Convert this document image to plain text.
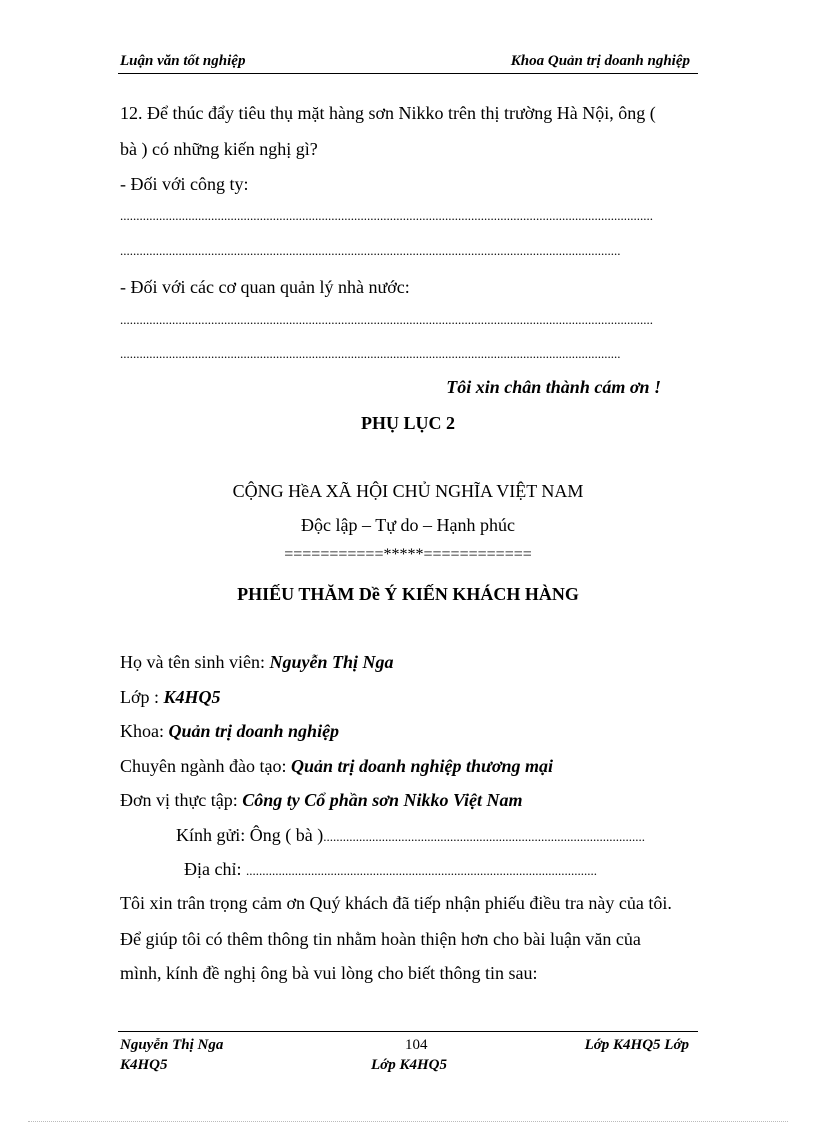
Luận văn tốt nghiệp	Khoa Quản trị doanh nghiệp
12. Để thúc đẩy tiêu thụ mặt hàng sơn Nikko trên thị trường Hà Nội, ông (
bà ) có những kiến nghị gì?
- Đối với công ty:
....................................................................................................................................................................
..........................................................................................................................................................
- Đối với các cơ quan quản lý nhà nước:
....................................................................................................................................................................
..........................................................................................................................................................
Tôi xin chân thành cám ơn !
PHỤ LỤC 2
CỘNG HềA XÃ HỘI CHỦ NGHĨA VIỆT NAM
Độc lập – Tự do – Hạnh phúc
===========*****============
PHIẾU THĂM Dề Ý KIẾN KHÁCH HÀNG
Họ và tên sinh viên: Nguyễn Thị Nga
Lớp : K4HQ5
Khoa: Quản trị doanh nghiệp
Chuyên ngành đào tạo: Quản trị doanh nghiệp thương mại
Đơn vị thực tập: Công ty Cổ phần sơn Nikko Việt Nam
Kính gửi: Ông ( bà )...................................................................................................
Địa chỉ: ............................................................................................................
Tôi xin trân trọng cảm ơn Quý khách đã tiếp nhận phiếu điều tra này của tôi.
Để giúp tôi có thêm thông tin nhằm hoàn thiện hơn cho bài luận văn của
mình, kính đề nghị ông bà vui lòng cho biết thông tin sau:
Nguyễn Thị Nga
K4HQ5
104
Lớp K4HQ5
Lớp K4HQ5 Lớp
